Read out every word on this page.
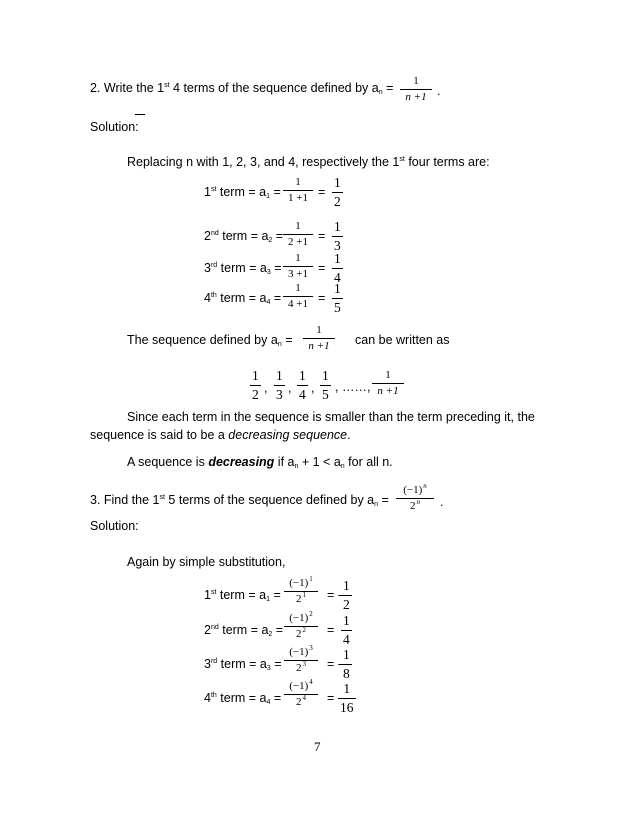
2. Write the 1st 4 terms of the sequence defined by $a_n = \frac{1}{n +1}$ .
Solution:
Replacing n with 1, 2, 3, and 4, respectively the 1st four terms are:
1st term = $a_1 = \frac{1}{1 +1} = \frac{1}{2}$
2nd term = $a_2 = \frac{1}{2 +1} = \frac{1}{3}$
3rd term = $a_3 = \frac{1}{3 +1} = \frac{1}{4}$
4th term = $a_4 = \frac{1}{4 +1} = \frac{1}{5}$
The sequence defined by $a_n = \frac{1}{n +1}$ can be written as
$\frac{1}{2}$ , $\frac{1}{3}$ , $\frac{1}{4}$ , $\frac{1}{5}$ , ……, $\frac{1}{n +1}$
Since each term in the sequence is smaller than the term preceding it, the
sequence is said to be a decreasing sequence.
A sequence is decreasing if $a_n + 1 < a_n$ for all n.
3. Find the 1st 5 terms of the sequence defined by $a_n = \frac{(-1)^n}{2^n}$ .
Solution:
Again by simple substitution,
1st term = $a_1 = \frac{(-1)^1}{2^1}$ = - $\frac{1}{2}$
2nd term = $a_2 = \frac{(-1)^2}{2^2} = \frac{1}{4}$
3rd term = $a_3 = \frac{(-1)^3}{2^3}$ = - $\frac{1}{8}$
4th term = $a_4 = \frac{(-1)^4}{2^4} = \frac{1}{16}$
7
